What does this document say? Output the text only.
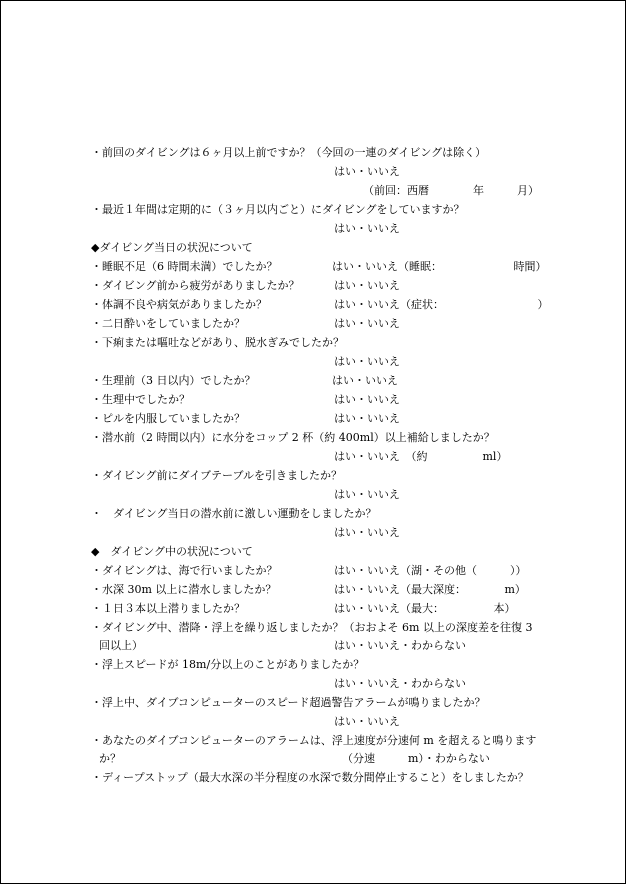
・前回のダイビングは６ヶ月以上前ですか？（今回の一連のダイビングは除く）
はい・いいえ
（前回：西暦　　　　年　　　月）
・最近１年間は定期的に（３ヶ月以内ごと）にダイビングをしていますか？
はい・いいえ
◆ダイビング当日の状況について
・睡眠不足（6 時間未満）でしたか？	はい・いいえ（睡眠：　　　　　　　時間）
・ダイビング前から疲労がありましたか？	はい・いいえ
・体調不良や病気がありましたか？	はい・いいえ（症状：　　　　　　　　　）
・二日酔いをしていましたか？	はい・いいえ
・下痢または嘔吐などがあり、脱水ぎみでしたか？
はい・いいえ
・生理前（3 日以内）でしたか？	はい・いいえ
・生理中でしたか？	はい・いいえ
・ピルを内服していましたか？	はい・いいえ
・潜水前（2 時間以内）に水分をコップ 2 杯（約 400ml）以上補給しましたか？
はい・いいえ　（約　　　　　ml）
・ダイビング前にダイブテーブルを引きましたか？
はい・いいえ
・　ダイビング当日の潜水前に激しい運動をしましたか？
はい・いいえ
◆　ダイビング中の状況について
・ダイビングは、海で行いましたか？	はい・いいえ（湖・その他（　　　））
・水深 30m 以上に潜水しましたか？	はい・いいえ（最大深度：　　　　m）
・１日３本以上潜りましたか？	はい・いいえ（最大：　　　　　本）
・ダイビング中、潜降・浮上を繰り返しましたか？（おおよそ 6m 以上の深度差を往復 3
回以上）	はい・いいえ・わからない
・浮上スピードが 18m/分以上のことがありましたか？
はい・いいえ・わからない
・浮上中、ダイブコンピューターのスピード超過警告アラームが鳴りましたか？
はい・いいえ
・あなたのダイブコンピューターのアラームは、浮上速度が分速何 m を超えると鳴ります
か？	（分速　　　m）・わからない
・ディープストップ（最大水深の半分程度の水深で数分間停止すること）をしましたか？
